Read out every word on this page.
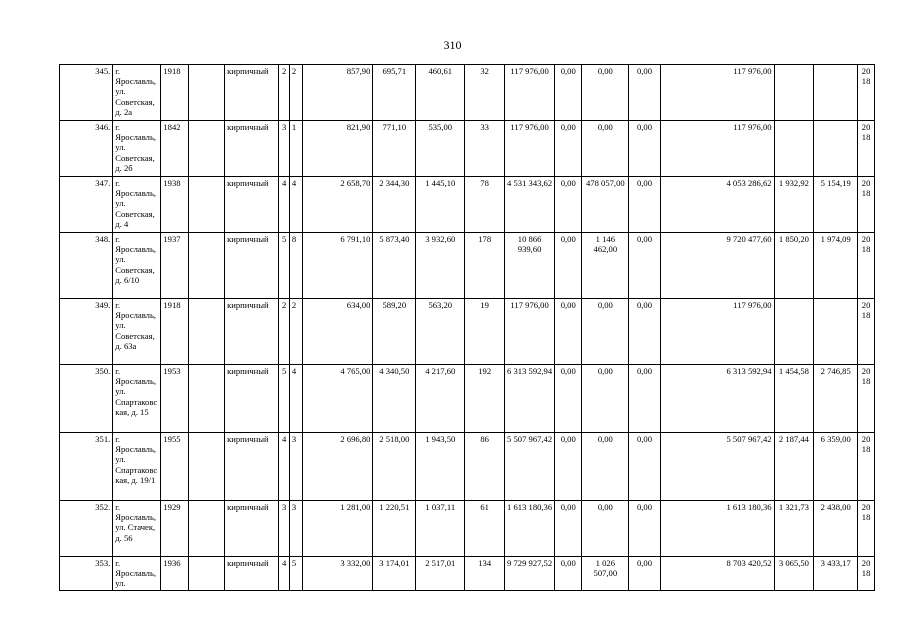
310
345.	г. Ярославль, ул. Советская, д. 2а	1918		кирпичный	2	2	857,90	695,71	460,61	32	117 976,00	0,00	0,00	0,00	117 976,00			2018
346.	г. Ярославль, ул. Советская, д. 2б	1842		кирпичный	3	1	821,90	771,10	535,00	33	117 976,00	0,00	0,00	0,00	117 976,00			2018
347.	г. Ярославль, ул. Советская, д. 4	1938		кирпичный	4	4	2 658,70	2 344,30	1 445,10	78	4 531 343,62	0,00	478 057,00	0,00	4 053 286,62	1 932,92	5 154,19	2018
348.	г. Ярославль, ул. Советская, д. 6/10	1937		кирпичный	5	8	6 791,10	5 873,40	3 932,60	178	10 866 939,60	0,00	1 146 462,00	0,00	9 720 477,60	1 850,20	1 974,09	2018
349.	г. Ярославль, ул. Советская, д. 63а	1918		кирпичный	2	2	634,00	589,20	563,20	19	117 976,00	0,00	0,00	0,00	117 976,00			2018
350.	г. Ярославль, ул. Спартаковская, д. 15	1953		кирпичный	5	4	4 765,00	4 340,50	4 217,60	192	6 313 592,94	0,00	0,00	0,00	6 313 592,94	1 454,58	2 746,85	2018
351.	г. Ярославль, ул. Спартаковская, д. 19/1	1955		кирпичный	4	3	2 696,80	2 518,00	1 943,50	86	5 507 967,42	0,00	0,00	0,00	5 507 967,42	2 187,44	6 359,00	2018
352.	г. Ярославль, ул. Стачек, д. 56	1929		кирпичный	3	3	1 281,00	1 220,51	1 037,11	61	1 613 180,36	0,00	0,00	0,00	1 613 180,36	1 321,73	2 438,00	2018
353.	г. Ярославль, ул.	1936		кирпичный	4	5	3 332,00	3 174,01	2 517,01	134	9 729 927,52	0,00	1 026 507,00	0,00	8 703 420,52	3 065,50	3 433,17	2018
